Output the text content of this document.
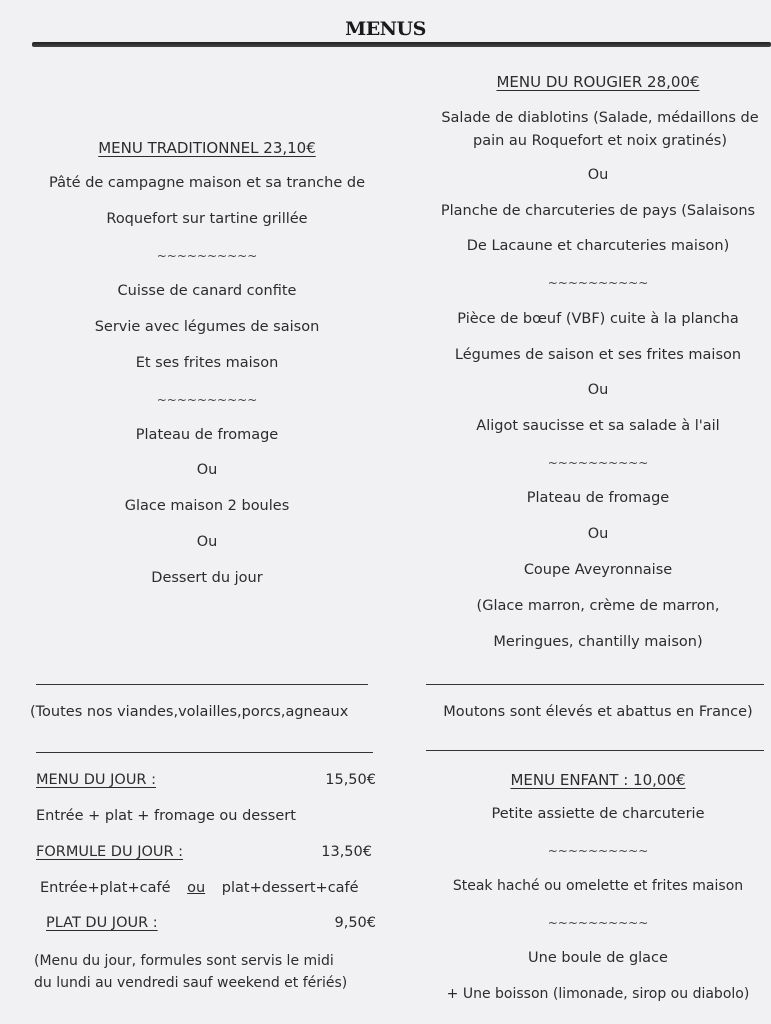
MENUS
MENU TRADITIONNEL 23,10€
Pâté de campagne maison et sa tranche de
Roquefort sur tartine grillée
~~~~~~~~~~
Cuisse de canard confite
Servie avec légumes de saison
Et ses frites maison
~~~~~~~~~~
Plateau de fromage
Ou
Glace maison 2 boules
Ou
Dessert du jour
MENU DU ROUGIER 28,00€
Salade de diablotins (Salade, médaillons de pain au Roquefort et noix gratinés)
Ou
Planche de charcuteries de pays (Salaisons
De Lacaune et charcuteries maison)
~~~~~~~~~~
Pièce de bœuf (VBF) cuite à la plancha
Légumes de saison et ses frites maison
Ou
Aligot saucisse et sa salade à l'ail
~~~~~~~~~~
Plateau de fromage
Ou
Coupe Aveyronnaise
(Glace marron, crème de marron,
Meringues, chantilly maison)
(Toutes nos viandes,volailles,porcs,agneaux	Moutons sont élevés et abattus en France)
MENU DU JOUR :	15,50€
Entrée + plat + fromage ou dessert
FORMULE DU JOUR :	13,50€
Entrée+plat+café ou plat+dessert+café
PLAT DU JOUR :	9,50€
(Menu du jour, formules sont servis le midi
du lundi au vendredi sauf weekend et fériés)
MENU ENFANT : 10,00€
Petite assiette de charcuterie
~~~~~~~~~~
Steak haché ou omelette et frites maison
~~~~~~~~~~
Une boule de glace
+ Une boisson (limonade, sirop ou diabolo)
